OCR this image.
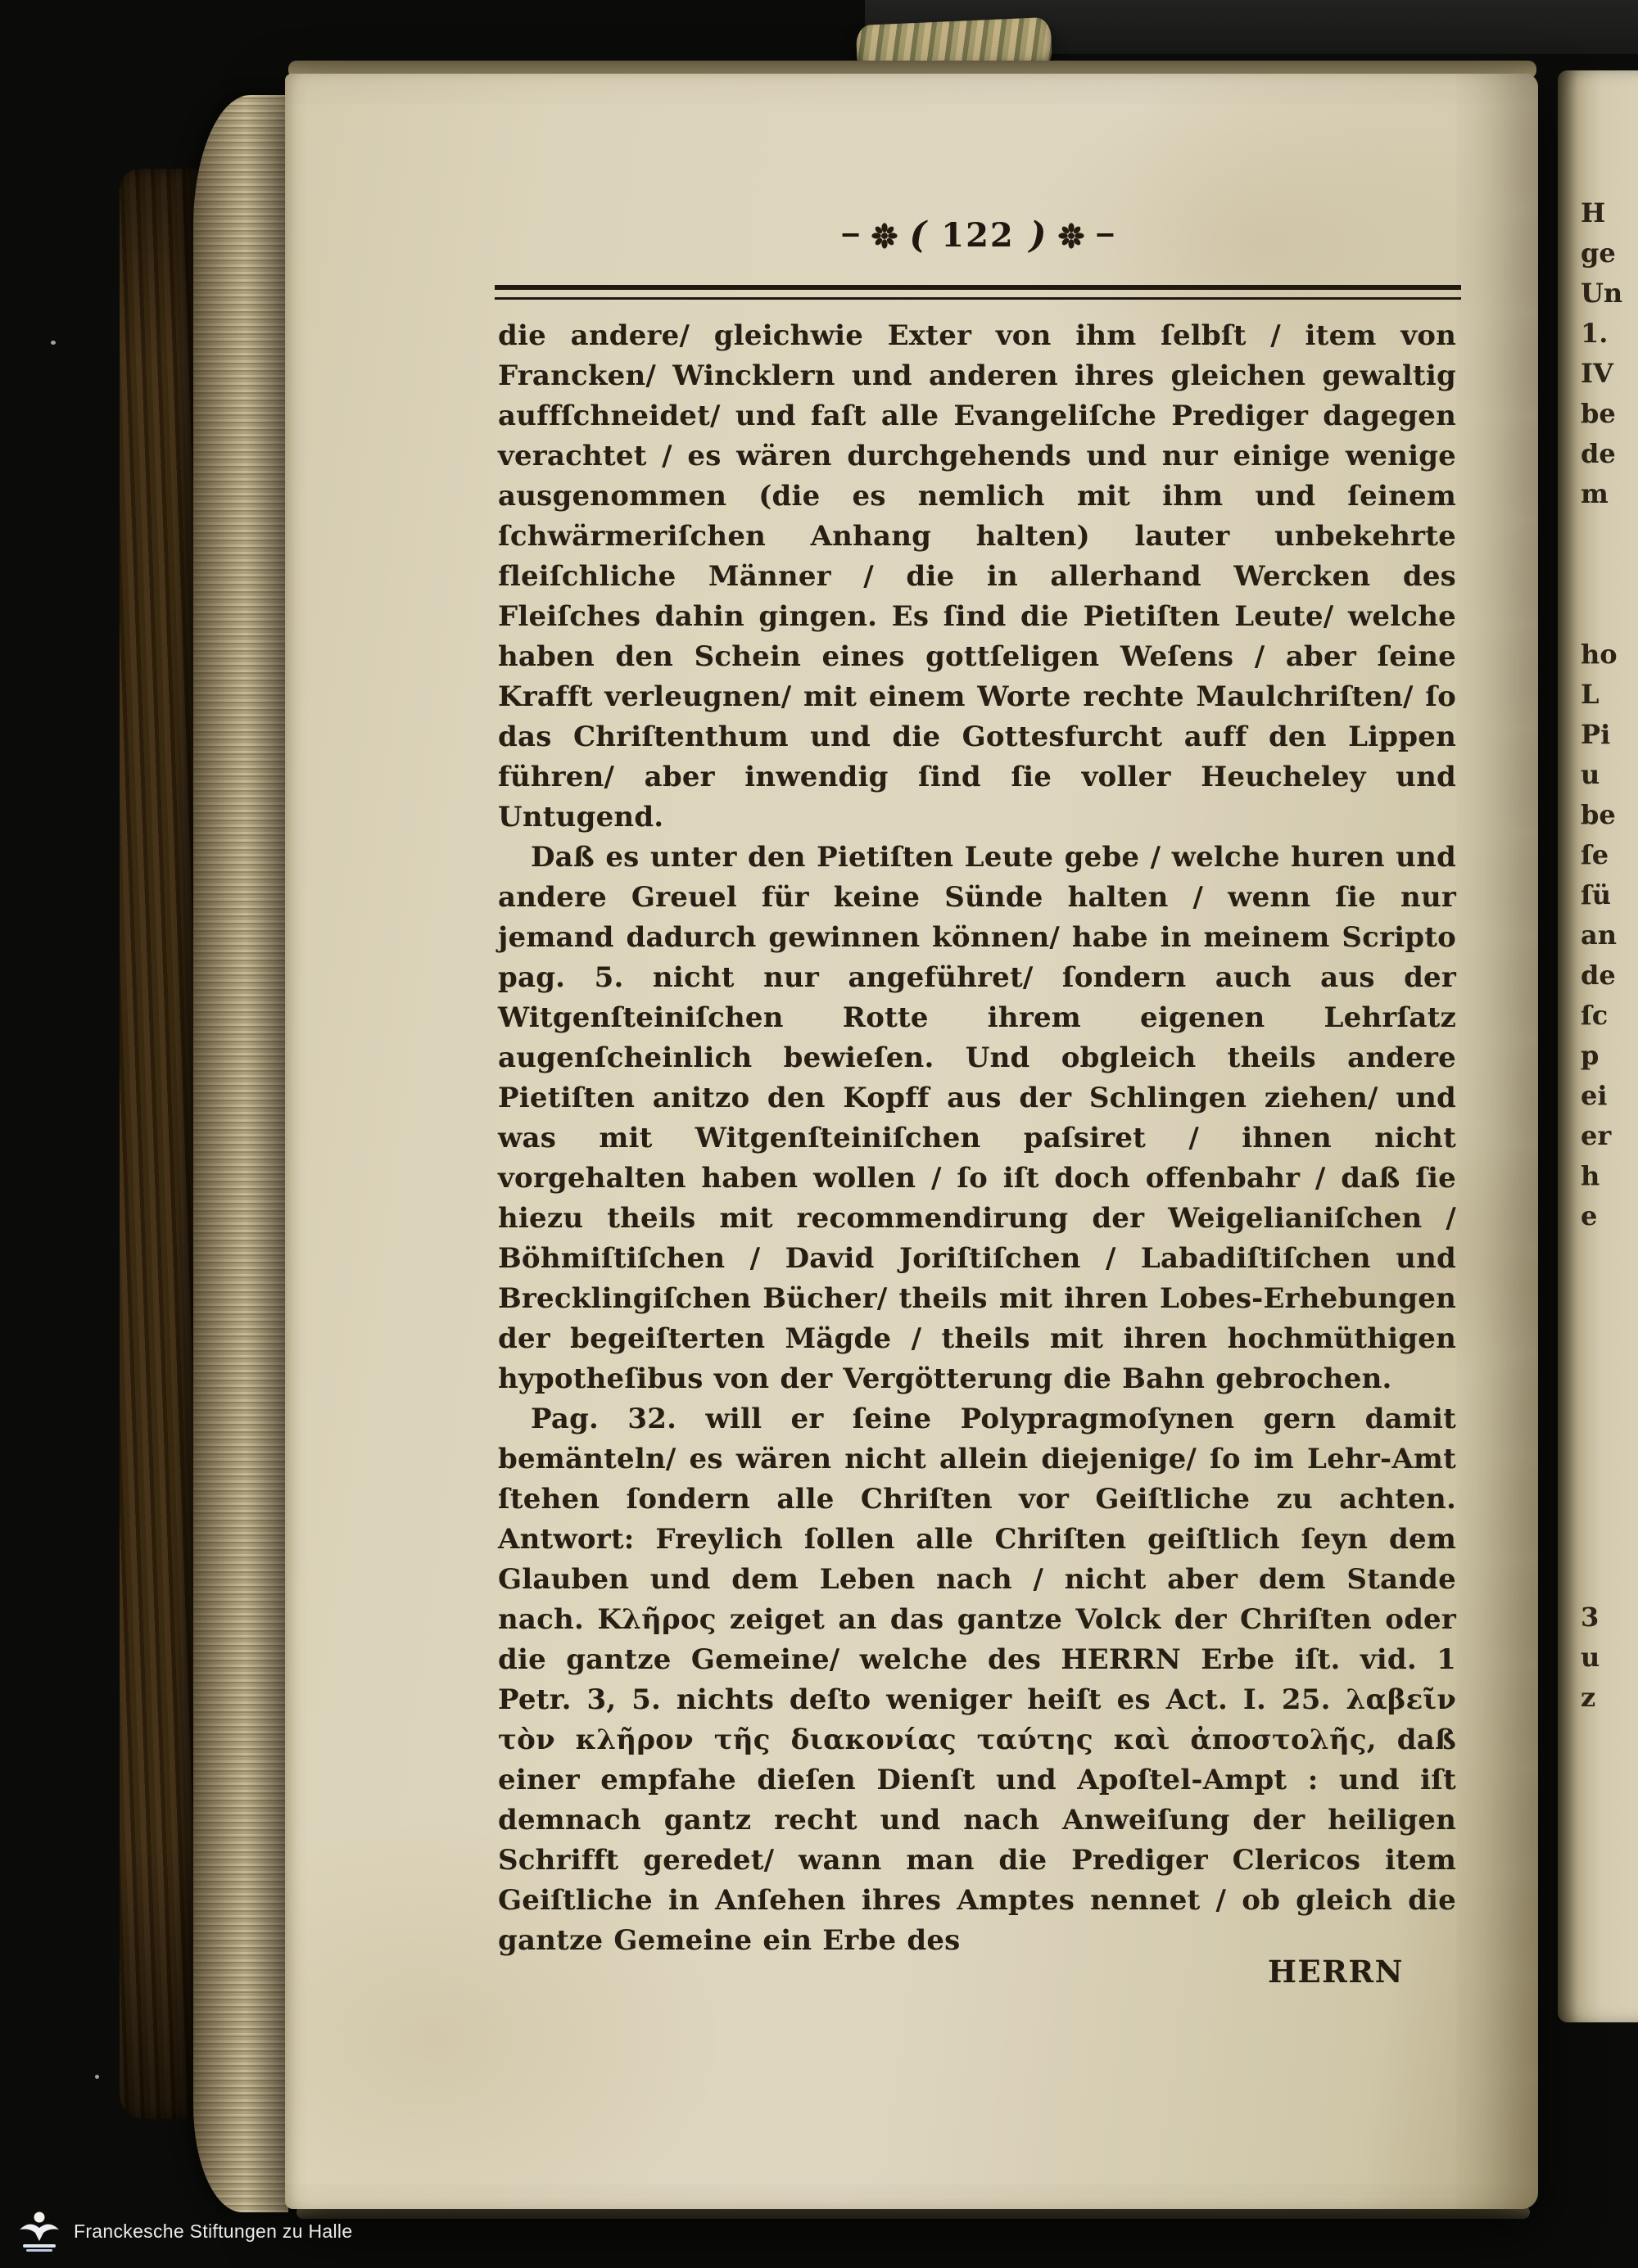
‒ ( 122 ) ‒

die andere/ gleichwie Exter von ihm ſelbſt / item von Francken/ Wincklern und anderen ihres gleichen gewaltig auffſchneidet/ und faſt alle Evangeliſche Prediger dagegen verachtet / es wären durchgehends und nur einige wenige ausgenommen (die es nemlich mit ihm und ſeinem ſchwärmeriſchen Anhang halten) lauter unbekehrte fleiſchliche Männer / die in allerhand Wercken des Fleiſches dahin gingen. Es ſind die Pietiſten Leute/ welche haben den Schein eines gottſeligen Weſens / aber ſeine Krafft verleugnen/ mit einem Worte rechte Maulchriſten/ ſo das Chriſtenthum und die Gottesfurcht auff den Lippen führen/ aber inwendig ſind ſie voller Heucheley und Untugend.

Daß es unter den Pietiſten Leute gebe / welche huren und andere Greuel für keine Sünde halten / wenn ſie nur jemand dadurch gewinnen können/ habe in meinem Scripto pag. 5. nicht nur angeführet/ ſondern auch aus der Witgenſteiniſchen Rotte ihrem eigenen Lehrſatz augenſcheinlich bewieſen. Und obgleich theils andere Pietiſten anitzo den Kopff aus der Schlingen ziehen/ und was mit Witgenſteiniſchen paſsiret / ihnen nicht vorgehalten haben wollen / ſo iſt doch offenbahr / daß ſie hiezu theils mit recommendirung der Weigelianiſchen / Böhmiſtiſchen / David Joriſtiſchen / Labadiſtiſchen und Brecklingiſchen Bücher/ theils mit ihren Lobes-Erhebungen der begeiſterten Mägde / theils mit ihren hochmüthigen hypotheſibus von der Vergötterung die Bahn gebrochen.

Pag. 32. will er ſeine Polypragmoſynen gern damit bemänteln/ es wären nicht allein diejenige/ ſo im Lehr-Amt ſtehen ſondern alle Chriſten vor Geiſtliche zu achten. Antwort: Freylich ſollen alle Chriſten geiſtlich ſeyn dem Glauben und dem Leben nach / nicht aber dem Stande nach. Κλῆρος zeiget an das gantze Volck der Chriſten oder die gantze Gemeine/ welche des HERRN Erbe iſt. vid. 1 Petr. 3, 5. nichts deſto weniger heiſt es Act. I. 25. λαβεῖν τὸν κλῆρον τῆς διακονίας ταύτης καὶ ἀποστολῆς, daß einer empfahe dieſen Dienſt und Apoſtel-Ampt : und iſt demnach gantz recht und nach Anweiſung der heiligen Schrifft geredet/ wann man die Prediger Clericos item Geiſtliche in Anſehen ihres Amptes nennet / ob gleich die gantze Gemeine ein Erbe des

HERRN
H
ge
Un
1.
IV
be
de
m
ho
L
Pi
u
be
ſe
ſü
an
de
ſc
p
ei
er
h
e
3
u
z
Franckesche Stiftungen zu Halle
